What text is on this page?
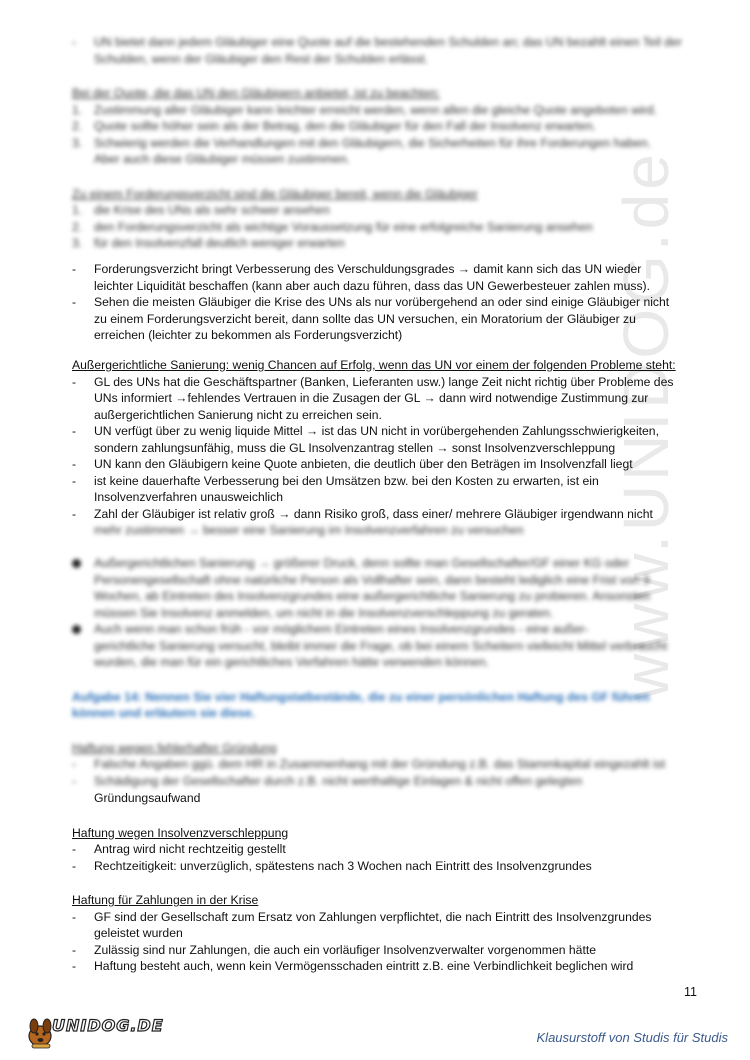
www.UNIDOG.de

-	UN bietet dann jedem Gläubiger eine Quote auf die bestehenden Schulden an; das UN bezahlt einen Teil der Schulden, wenn der Gläubiger den Rest der Schulden erlässt.

Bei der Quote, die das UN den Gläubigern anbietet, ist zu beachten:

1. Zustimmung aller Gläubiger kann leichter erreicht werden, wenn allen die gleiche Quote angeboten wird.

2. Quote sollte höher sein als der Betrag, den die Gläubiger für den Fall der Insolvenz erwarten.

3. Schwierig werden die Verhandlungen mit den Gläubigern, die Sicherheiten für ihre Forderungen haben.

Aber auch diese Gläubiger müssen zustimmen.

Zu einem Forderungsverzicht sind die Gläubiger bereit, wenn die Gläubiger

1. die Krise des UNs als sehr schwer ansehen

2. den Forderungsverzicht als wichtige Voraussetzung für eine erfolgreiche Sanierung ansehen

3. für den Insolvenzfall deutlich weniger erwarten

-	Forderungsverzicht bringt Verbesserung des Verschuldungsgrades → damit kann sich das UN wieder

leichter Liquidität beschaffen (kann aber auch dazu führen, dass das UN Gewerbesteuer zahlen muss).

-	Sehen die meisten Gläubiger die Krise des UNs als nur vorübergehend an oder sind einige Gläubiger nicht

zu einem Forderungsverzicht bereit, dann sollte das UN versuchen, ein Moratorium der Gläubiger zu

erreichen (leichter zu bekommen als Forderungsverzicht)

Außergerichtliche Sanierung: wenig Chancen auf Erfolg, wenn das UN vor einem der folgenden Probleme steht:

-	GL des UNs hat die Geschäftspartner (Banken, Lieferanten usw.) lange Zeit nicht richtig über Probleme des

UNs informiert →fehlendes Vertrauen in die Zusagen der GL → dann wird notwendige Zustimmung zur

außergerichtlichen Sanierung nicht zu erreichen sein.

-	UN verfügt über zu wenig liquide Mittel → ist das UN nicht in vorübergehenden Zahlungsschwierigkeiten,

sondern zahlungsunfähig, muss die GL Insolvenzantrag stellen → sonst Insolvenzverschleppung

-	UN kann den Gläubigern keine Quote anbieten, die deutlich über den Beträgen im Insolvenzfall liegt

-	ist keine dauerhafte Verbesserung bei den Umsätzen bzw. bei den Kosten zu erwarten, ist ein

Insolvenzverfahren unausweichlich

-	Zahl der Gläubiger ist relativ groß → dann Risiko groß, dass einer/ mehrere Gläubiger irgendwann nicht

mehr zustimmen → besser eine Sanierung im Insolvenzverfahren zu versuchen

Außergerichtlichen Sanierung → größerer Druck, denn sollte man Gesellschafter/GF einer KG oder

Personengesellschaft ohne natürliche Person als Vollhafter sein, dann besteht lediglich eine Frist von 3

Wochen, ab Eintreten des Insolvenzgrundes eine außergerichtliche Sanierung zu probieren. Ansonsten

müssen Sie Insolvenz anmelden, um nicht in die Insolvenzverschleppung zu geraten.

Auch wenn man schon früh - vor möglichem Eintreten eines Insolvenzgrundes - eine außer-

gerichtliche Sanierung versucht, bleibt immer die Frage, ob bei einem Scheitern vielleicht Mittel verbraucht

wurden, die man für ein gerichtliches Verfahren hätte verwenden können.

Aufgabe 14: Nennen Sie vier Haftungstatbestände, die zu einer persönlichen Haftung des GF führen

können und erläutern sie diese.

Haftung wegen fehlerhafter Gründung

-	Falsche Angaben ggü. dem HR in Zusammenhang mit der Gründung z.B. das Stammkapital eingezahlt ist

-	Schädigung der Gesellschafter durch z.B. nicht werthaltige Einlagen & nicht offen gelegten

Gründungsaufwand

Haftung wegen Insolvenzverschleppung

-	Antrag wird nicht rechtzeitig gestellt

-	Rechtzeitigkeit: unverzüglich, spätestens nach 3 Wochen nach Eintritt des Insolvenzgrundes

Haftung für Zahlungen in der Krise

-	GF sind der Gesellschaft zum Ersatz von Zahlungen verpflichtet, die nach Eintritt des Insolvenzgrundes

geleistet wurden

-	Zulässig sind nur Zahlungen, die auch ein vorläufiger Insolvenzverwalter vorgenommen hätte

-	Haftung besteht auch, wenn kein Vermögensschaden eintritt z.B. eine Verbindlichkeit beglichen wird

11
UNIDOG.DE
Klausurstoff von Studis für Studis
